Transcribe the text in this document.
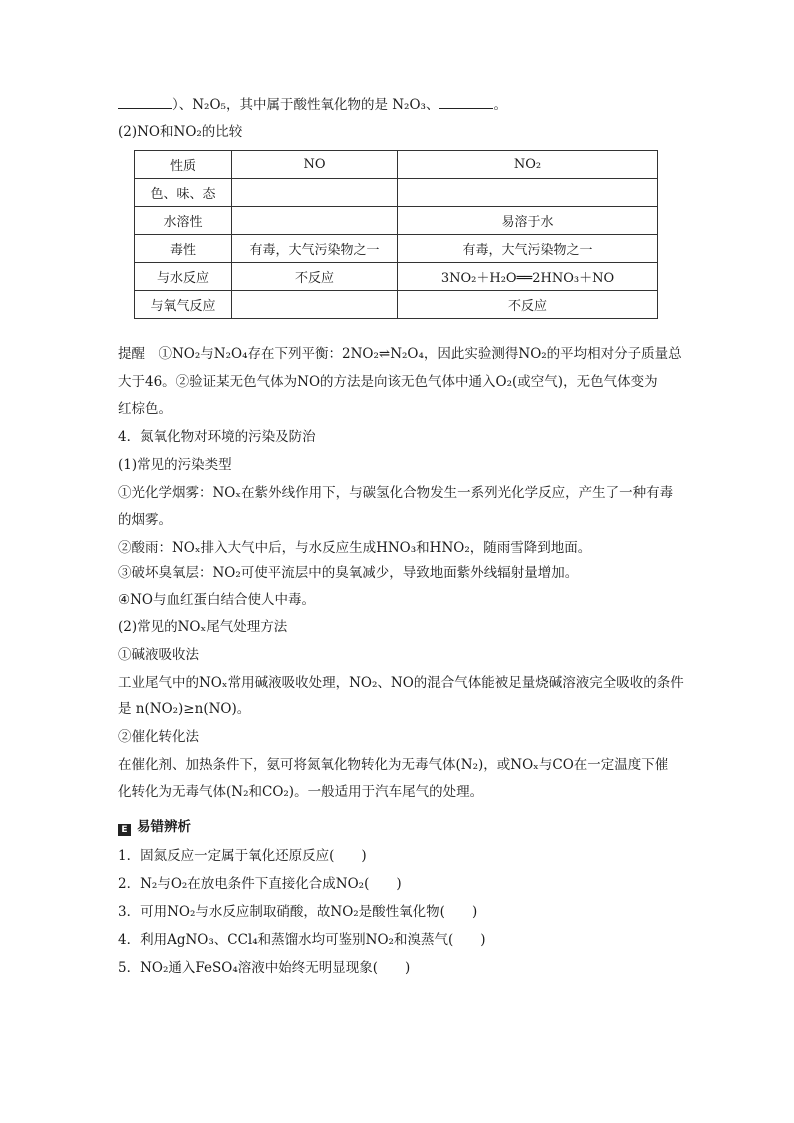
）、N₂O₅，其中属于酸性氧化物的是 N₂O₃、	。
(2)NO和NO₂的比较
性质	NO	NO₂
色、味、态		
水溶性		易溶于水
毒性	有毒，大气污染物之一	有毒，大气污染物之一
与水反应	不反应	3NO₂＋H₂O══2HNO₃＋NO
与氧气反应		不反应
提醒　①NO₂与N₂O₄存在下列平衡：2NO₂⇌N₂O₄，因此实验测得NO₂的平均相对分子质量总
大于46。②验证某无色气体为NO的方法是向该无色气体中通入O₂(或空气)，无色气体变为
红棕色。
4．氮氧化物对环境的污染及防治
(1)常见的污染类型
①光化学烟雾：NOₓ在紫外线作用下，与碳氢化合物发生一系列光化学反应，产生了一种有毒
的烟雾。
②酸雨：NOₓ排入大气中后，与水反应生成HNO₃和HNO₂，随雨雪降到地面。
③破坏臭氧层：NO₂可使平流层中的臭氧减少，导致地面紫外线辐射量增加。
④NO与血红蛋白结合使人中毒。
(2)常见的NOₓ尾气处理方法
①碱液吸收法
工业尾气中的NOₓ常用碱液吸收处理，NO₂、NO的混合气体能被足量烧碱溶液完全吸收的条件
是 n(NO₂)≥n(NO)。
②催化转化法
在催化剂、加热条件下，氨可将氮氧化物转化为无毒气体(N₂)，或NOₓ与CO在一定温度下催
化转化为无毒气体(N₂和CO₂)。一般适用于汽车尾气的处理。
E 易错辨析
1．固氮反应一定属于氧化还原反应(　　)
2．N₂与O₂在放电条件下直接化合成NO₂(　　)
3．可用NO₂与水反应制取硝酸，故NO₂是酸性氧化物(　　)
4．利用AgNO₃、CCl₄和蒸馏水均可鉴别NO₂和溴蒸气(　　)
5．NO₂通入FeSO₄溶液中始终无明显现象(　　)
